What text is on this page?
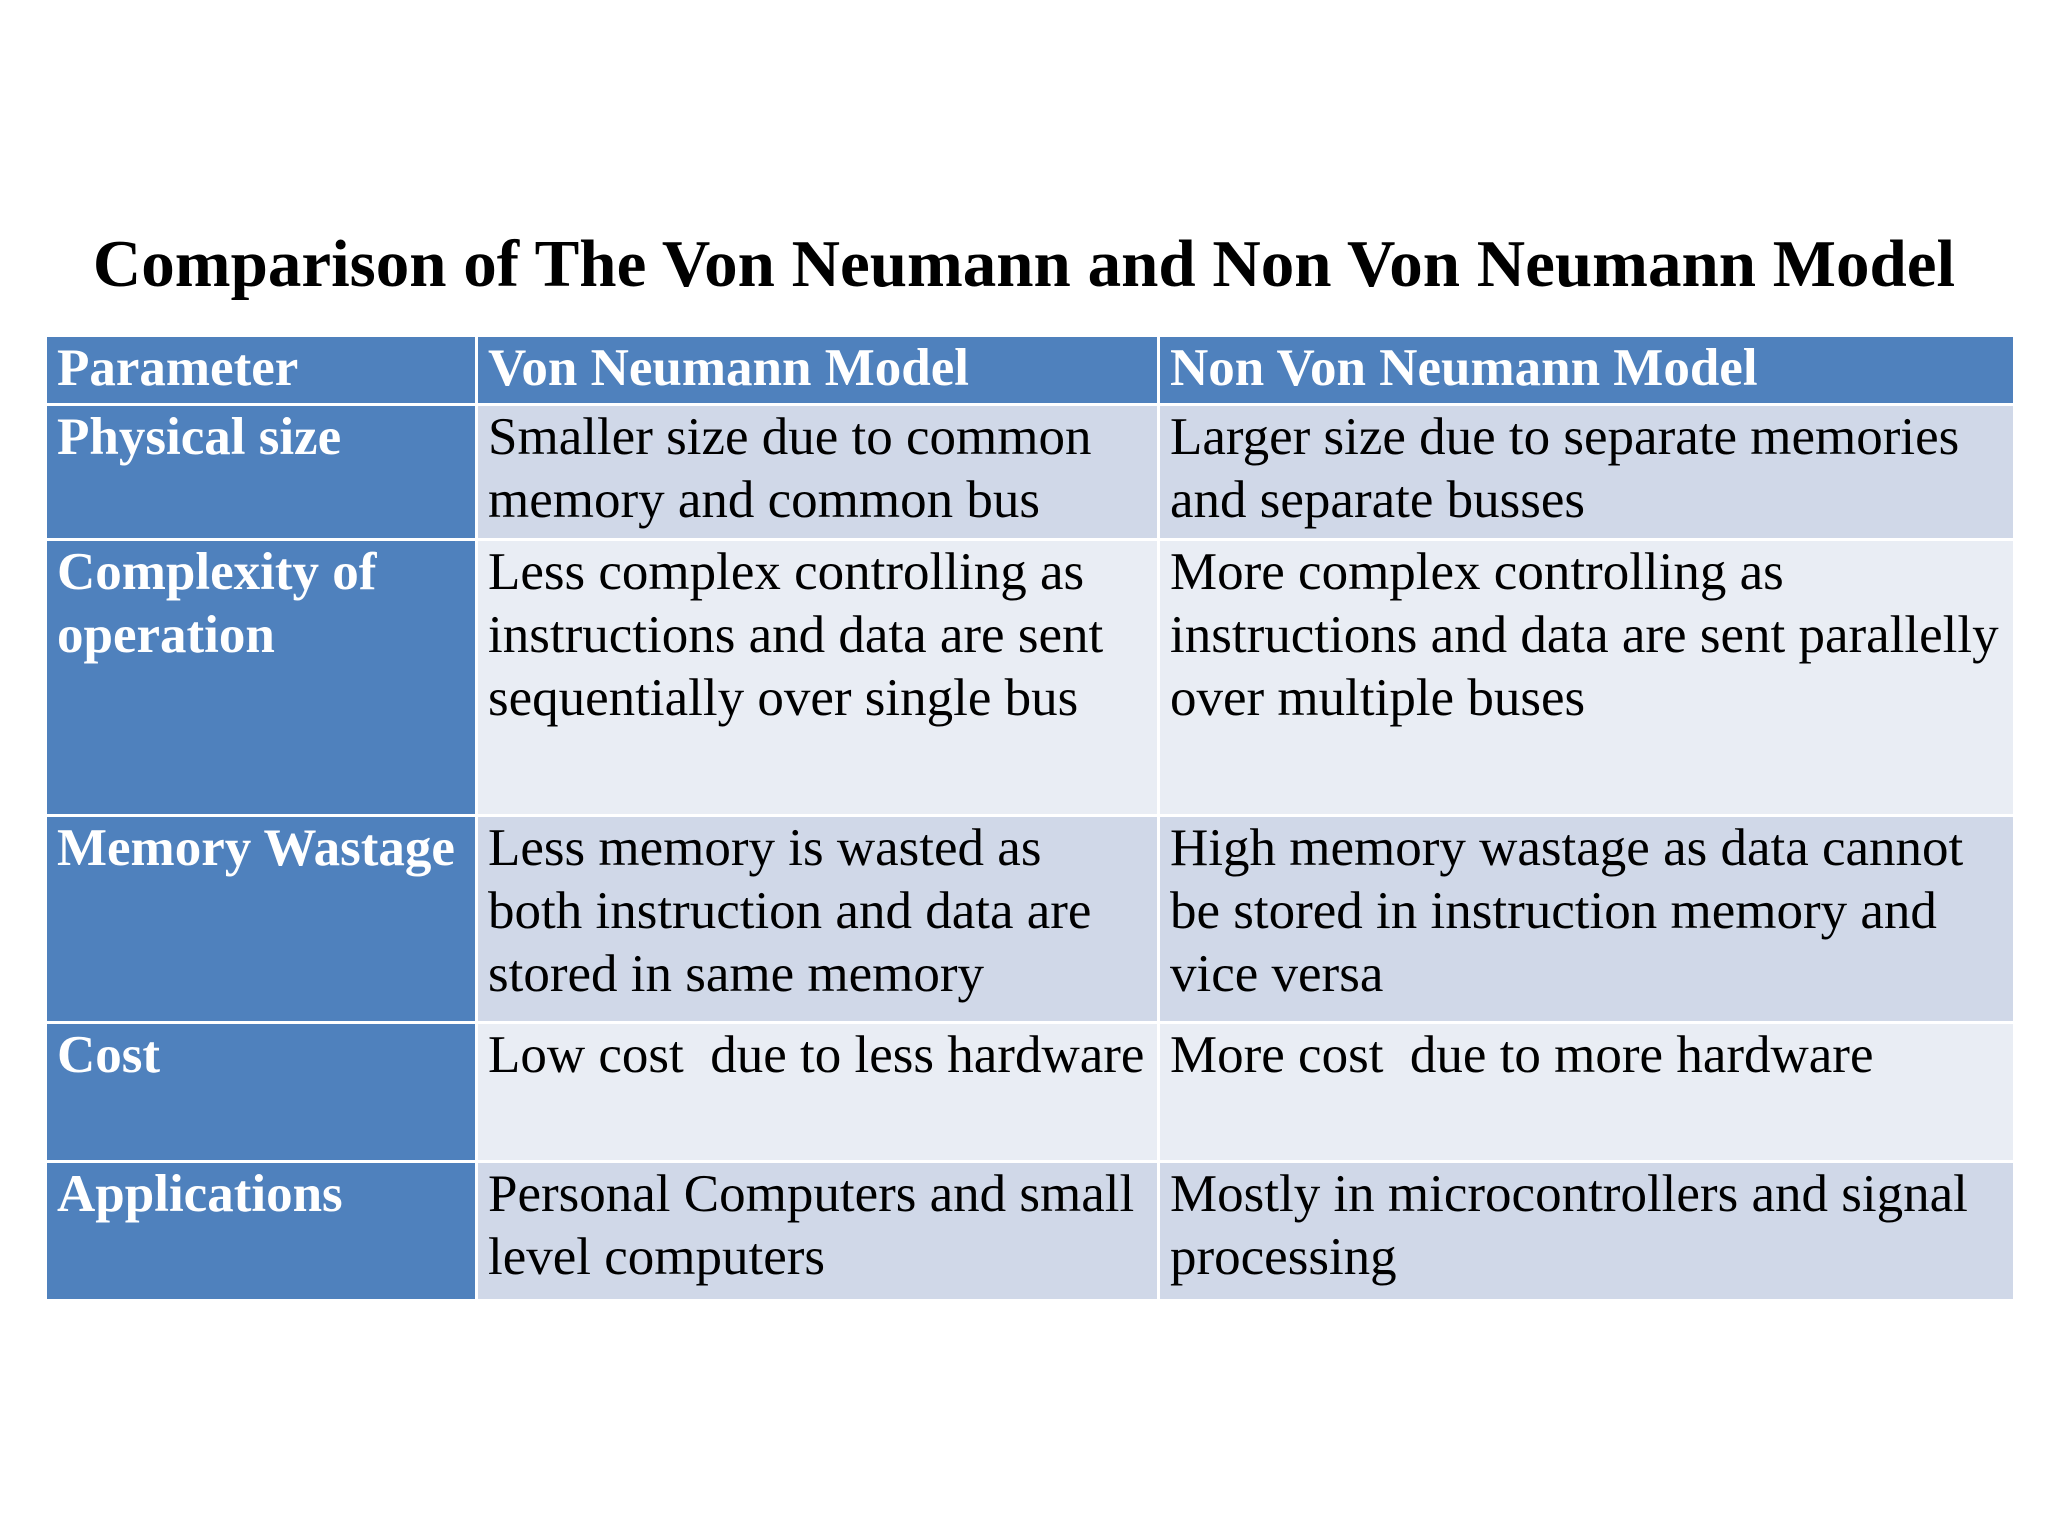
Comparison of The Von Neumann and Non Von Neumann Model
Parameter	Von Neumann Model	Non Von Neumann Model
Physical size	Smaller size due to common memory and common bus	Larger size due to separate memories and separate busses
Complexity of operation	Less complex controlling as instructions and data are sent sequentially over single bus	More complex controlling as instructions and data are sent parallelly over multiple buses
Memory Wastage	Less memory is wasted as both instruction and data are stored in same memory	High memory wastage as data cannot be stored in instruction memory and vice versa
Cost	Low cost  due to less hardware	More cost  due to more hardware
Applications	Personal Computers and small level computers	Mostly in microcontrollers and signal processing
